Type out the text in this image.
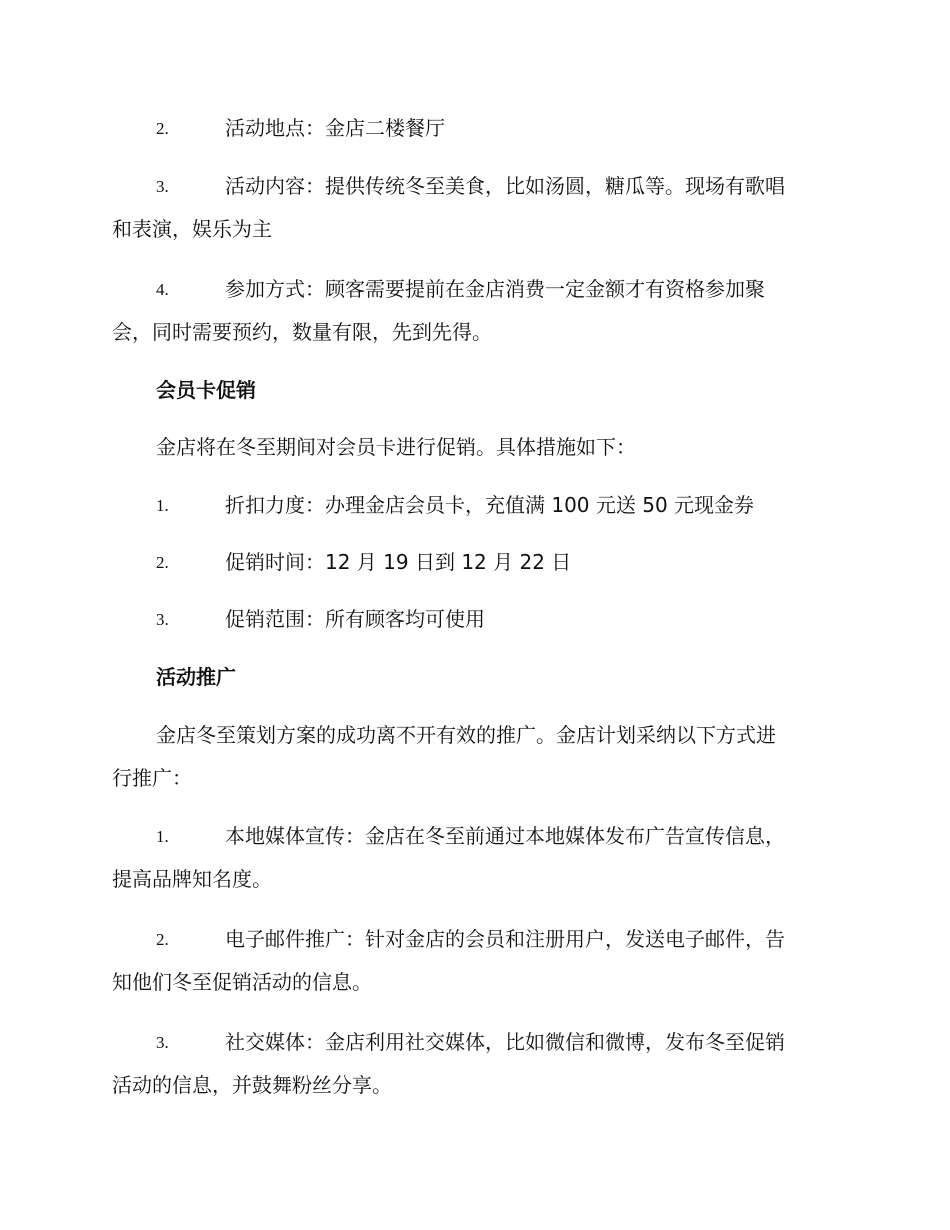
2.	活动地点：金店二楼餐厅
3.	活动内容：提供传统冬至美食，比如汤圆，糖瓜等。现场有歌唱
和表演，娱乐为主
4.	参加方式：顾客需要提前在金店消费一定金额才有资格参加聚
会，同时需要预约，数量有限，先到先得。
会员卡促销
金店将在冬至期间对会员卡进行促销。具体措施如下：
1.	折扣力度：办理金店会员卡，充值满 100 元送 50 元现金券
2.	促销时间：12 月 19 日到 12 月 22 日
3.	促销范围：所有顾客均可使用
活动推广
金店冬至策划方案的成功离不开有效的推广。金店计划采纳以下方式进
行推广：
1.	本地媒体宣传：金店在冬至前通过本地媒体发布广告宣传信息，
提高品牌知名度。
2.	电子邮件推广：针对金店的会员和注册用户，发送电子邮件，告
知他们冬至促销活动的信息。
3.	社交媒体：金店利用社交媒体，比如微信和微博，发布冬至促销
活动的信息，并鼓舞粉丝分享。
